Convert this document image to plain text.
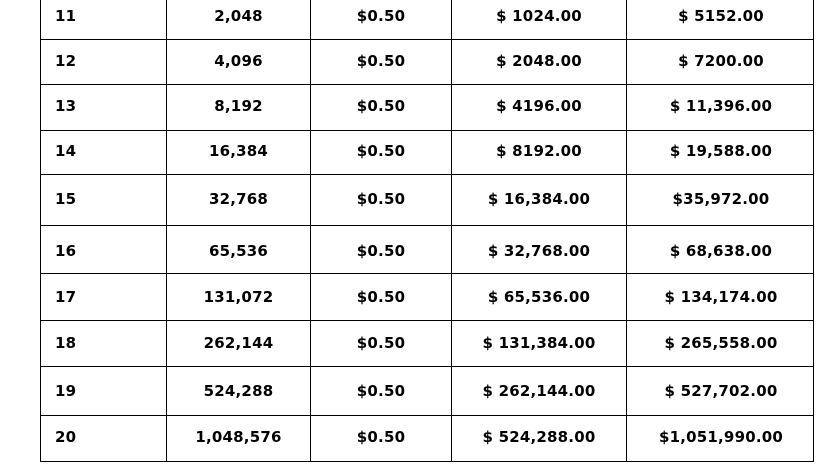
11	2,048	$0.50	$ 1024.00	$ 5152.00
12	4,096	$0.50	$ 2048.00	$ 7200.00
13	8,192	$0.50	$ 4196.00	$ 11,396.00
14	16,384	$0.50	$ 8192.00	$ 19,588.00
15	32,768	$0.50	$ 16,384.00	$35,972.00
16	65,536	$0.50	$ 32,768.00	$ 68,638.00
17	131,072	$0.50	$ 65,536.00	$ 134,174.00
18	262,144	$0.50	$ 131,384.00	$ 265,558.00
19	524,288	$0.50	$ 262,144.00	$ 527,702.00
20	1,048,576	$0.50	$ 524,288.00	$1,051,990.00
